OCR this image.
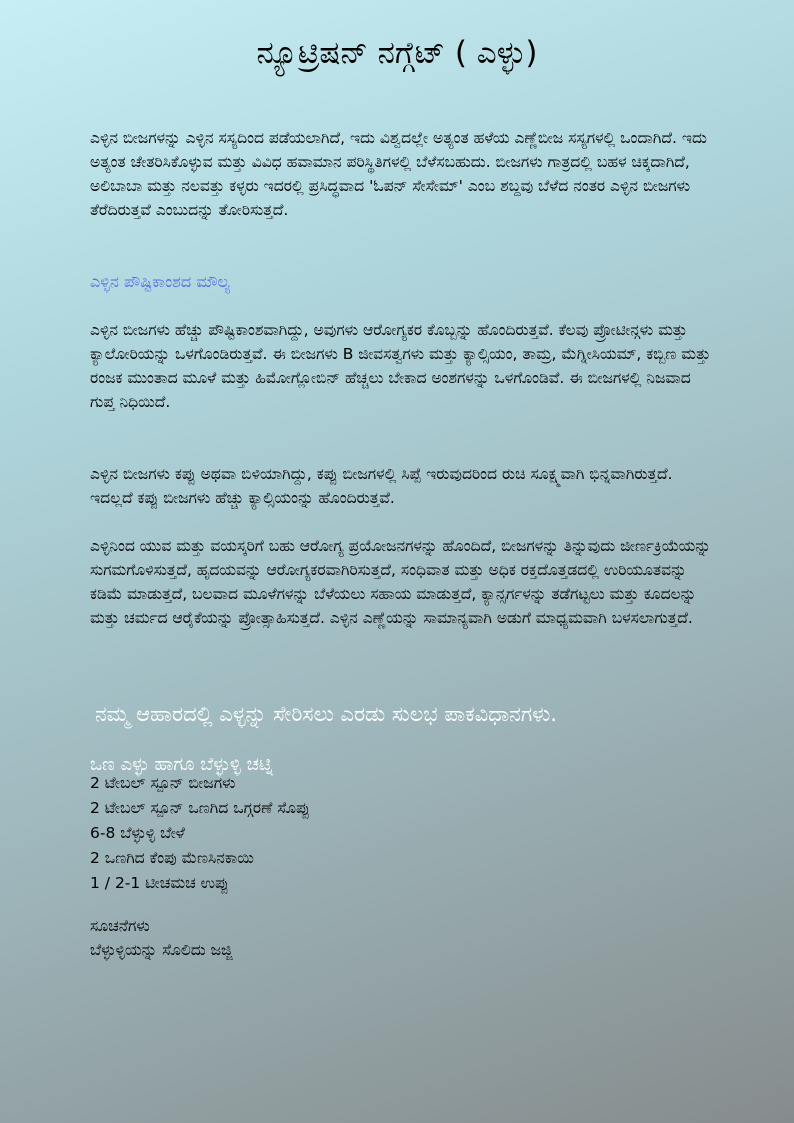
ನ್ಯೂಟ್ರಿಷನ್ ನಗ್ಗೆಟ್ ( ಎಳ್ಳು)

ಎಳ್ಳಿನ ಬೀಜಗಳನ್ನು ಎಳ್ಳಿನ ಸಸ್ಯದಿಂದ ಪಡೆಯಲಾಗಿದೆ, ಇದು ವಿಶ್ವದಲ್ಲೇ ಅತ್ಯಂತ ಹಳೆಯ ಎಣ್ಣೆಬೀಜ ಸಸ್ಯಗಳಲ್ಲಿ ಒಂದಾಗಿದೆ. ಇದು ಅತ್ಯಂತ ಚೇತರಿಸಿಕೊಳ್ಳುವ ಮತ್ತು ವಿವಿಧ ಹವಾಮಾನ ಪರಿಸ್ಥಿತಿಗಳಲ್ಲಿ ಬೆಳೆಸಬಹುದು. ಬೀಜಗಳು ಗಾತ್ರದಲ್ಲಿ ಬಹಳ ಚಿಕ್ಕದಾಗಿದೆ, ಅಲಿಬಾಬಾ ಮತ್ತು ನಲವತ್ತು ಕಳ್ಳರು ಇದರಲ್ಲಿ ಪ್ರಸಿದ್ಧವಾದ 'ಓಪನ್ ಸೇಸೇಮ್' ಎಂಬ ಶಬ್ದವು ಬೆಳೆದ ನಂತರ ಎಳ್ಳಿನ ಬೀಜಗಳು ತೆರೆದಿರುತ್ತವೆ ಎಂಬುದನ್ನು ತೋರಿಸುತ್ತದೆ.

ಎಳ್ಳಿನ ಪೌಷ್ಟಿಕಾಂಶದ ಮೌಲ್ಯ

ಎಳ್ಳಿನ ಬೀಜಗಳು ಹೆಚ್ಚು ಪೌಷ್ಟಿಕಾಂಶವಾಗಿದ್ದು, ಅವುಗಳು ಆರೋಗ್ಯಕರ ಕೊಬ್ಬನ್ನು ಹೊಂದಿರುತ್ತವೆ. ಕೆಲವು ಪ್ರೋಟೀನ್ಗಳು ಮತ್ತು ಕ್ಯಾಲೋರಿಯನ್ನು ಒಳಗೊಂಡಿರುತ್ತವೆ. ಈ ಬೀಜಗಳು B ಜೀವಸತ್ವಗಳು ಮತ್ತು ಕ್ಯಾಲ್ಸಿಯಂ, ತಾಮ್ರ, ಮೆಗ್ನೀಸಿಯಮ್, ಕಬ್ಬಿಣ ಮತ್ತು ರಂಜಕ ಮುಂತಾದ ಮೂಳೆ ಮತ್ತು ಹಿಮೋಗ್ಲೋಬಿನ್ ಹೆಚ್ಚಲು ಬೇಕಾದ ಅಂಶಗಳನ್ನು ಒಳಗೊಂಡಿವೆ. ಈ ಬೀಜಗಳಲ್ಲಿ ನಿಜವಾದ ಗುಪ್ತ ನಿಧಿಯಿದೆ.

ಎಳ್ಳಿನ ಬೀಜಗಳು ಕಪ್ಪು ಅಥವಾ ಬಿಳಿಯಾಗಿದ್ದು, ಕಪ್ಪು ಬೀಜಗಳಲ್ಲಿ ಸಿಪ್ಪೆ ಇರುವುದರಿಂದ ರುಚಿ ಸೂಕ್ಷ್ಮವಾಗಿ ಭಿನ್ನವಾಗಿರುತ್ತದೆ. ಇದಲ್ಲದೆ ಕಪ್ಪು ಬೀಜಗಳು ಹೆಚ್ಚು ಕ್ಯಾಲ್ಸಿಯಂನ್ನು ಹೊಂದಿರುತ್ತವೆ.

ಎಳ್ಳಿನಿಂದ ಯುವ ಮತ್ತು ವಯಸ್ಕರಿಗೆ ಬಹು ಆರೋಗ್ಯ ಪ್ರಯೋಜನಗಳನ್ನು ಹೊಂದಿದೆ, ಬೀಜಗಳನ್ನು ತಿನ್ನುವುದು ಜೀರ್ಣಕ್ರಿಯೆಯನ್ನು ಸುಗಮಗೊಳಿಸುತ್ತದೆ, ಹೃದಯವನ್ನು ಆರೋಗ್ಯಕರವಾಗಿರಿಸುತ್ತದೆ, ಸಂಧಿವಾತ ಮತ್ತು ಅಧಿಕ ರಕ್ತದೊತ್ತಡದಲ್ಲಿ ಉರಿಯೂತವನ್ನು ಕಡಿಮೆ ಮಾಡುತ್ತದೆ, ಬಲವಾದ ಮೂಳೆಗಳನ್ನು ಬೆಳೆಯಲು ಸಹಾಯ ಮಾಡುತ್ತದೆ, ಕ್ಯಾನ್ಸರ್ಗಳನ್ನು ತಡೆಗಟ್ಟಲು ಮತ್ತು ಕೂದಲನ್ನು ಮತ್ತು ಚರ್ಮದ ಆರೈಕೆಯನ್ನು ಪ್ರೋತ್ಸಾಹಿಸುತ್ತದೆ. ಎಳ್ಳಿನ ಎಣ್ಣೆಯನ್ನು ಸಾಮಾನ್ಯವಾಗಿ ಅಡುಗೆ ಮಾಧ್ಯಮವಾಗಿ ಬಳಸಲಾಗುತ್ತದೆ.

ನಮ್ಮ ಆಹಾರದಲ್ಲಿ ಎಳ್ಳನ್ನು ಸೇರಿಸಲು ಎರಡು ಸುಲಭ ಪಾಕವಿಧಾನಗಳು.
ಒಣ ಎಳ್ಳು ಹಾಗೂ ಬೆಳ್ಳುಳ್ಳಿ ಚಟ್ನಿ
2 ಟೇಬಲ್ ಸ್ಪೂನ್ ಬೀಜಗಳು
2 ಟೇಬಲ್ ಸ್ಪೂನ್ ಒಣಗಿದ ಒಗ್ಗರಣೆ ಸೊಪ್ಪು
6-8 ಬೆಳ್ಳುಳ್ಳಿ ಬೇಳೆ
2 ಒಣಗಿದ ಕೆಂಪು ಮೆಣಸಿನಕಾಯಿ
1 / 2-1 ಟೀಚಮಚ ಉಪ್ಪು

ಸೂಚನೆಗಳು

ಬೆಳ್ಳುಳ್ಳಿಯನ್ನು ಸೊಲಿದು ಜಜ್ಜಿ
